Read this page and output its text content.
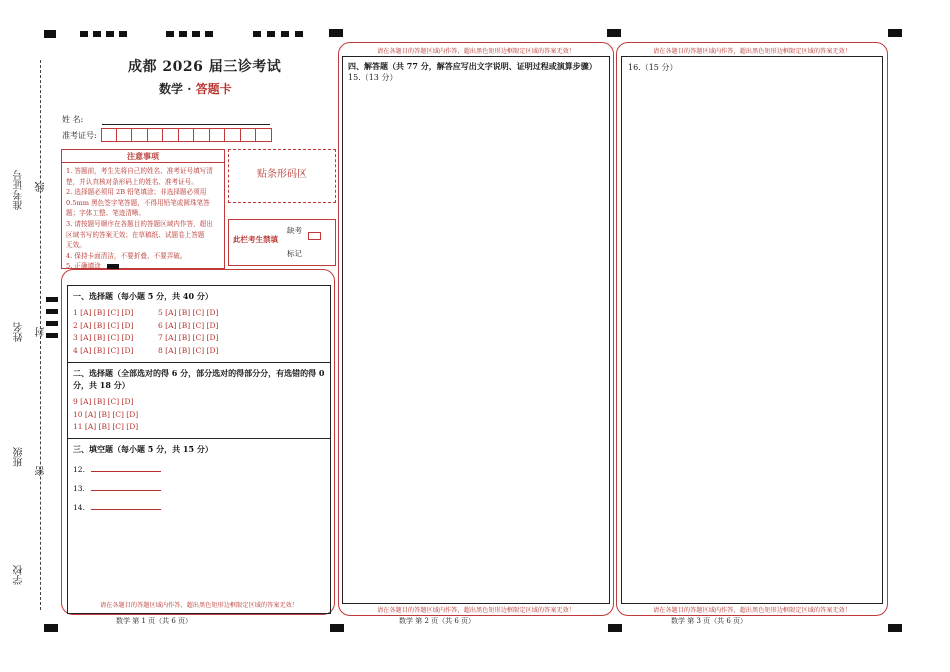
准考证号 线
姓名 封
班级
密
学校
成都 2026 届三诊考试
数学 · 答题卡
姓 名:
准考证号:
注意事项
1. 答题前，考生先将自己的姓名、准考证号填写清
楚，并认真核对条形码上的姓名、准考证号。
2. 选择题必须用 2B 铅笔填涂；非选择题必须用
0.5mm 黑色签字笔答题，不得用铅笔或圆珠笔答
题；字体工整、笔迹清晰。
3. 请按题号顺序在各题目的答题区域内作答，超出
区域书写的答案无效；在草稿纸、试题卷上答题
无效。
4. 保持卡面清洁，不要折叠、不要弄破。
5. 正确填涂
贴条形码区
此栏考生禁填
缺考
标记
一、选择题（每小题 5 分，共 40 分）
1 [A] [B] [C] [D]
2 [A] [B] [C] [D]
3 [A] [B] [C] [D]
4 [A] [B] [C] [D]
5 [A] [B] [C] [D]
6 [A] [B] [C] [D]
7 [A] [B] [C] [D]
8 [A] [B] [C] [D]
二、选择题（全部选对的得 6 分，部分选对的得部分分，有选错的得 0 分，共 18 分）
9 [A] [B] [C] [D]
10 [A] [B] [C] [D]
11 [A] [B] [C] [D]
三、填空题（每小题 5 分，共 15 分）
12.
13.
14.
请在各题目的答题区域内作答，超出黑色矩形边框限定区域的答案无效！
请在各题目的答题区域内作答，超出黑色矩形边框限定区域的答案无效！
四、解答题（共 77 分，解答应写出文字说明、证明过程或演算步骤）
15.（13 分）
请在各题目的答题区域内作答，超出黑色矩形边框限定区域的答案无效！
请在各题目的答题区域内作答，超出黑色矩形边框限定区域的答案无效！
16.（15 分）
请在各题目的答题区域内作答，超出黑色矩形边框限定区域的答案无效！
数学 第 1 页（共 6 页）	数学 第 2 页（共 6 页）	数学 第 3 页（共 6 页）
